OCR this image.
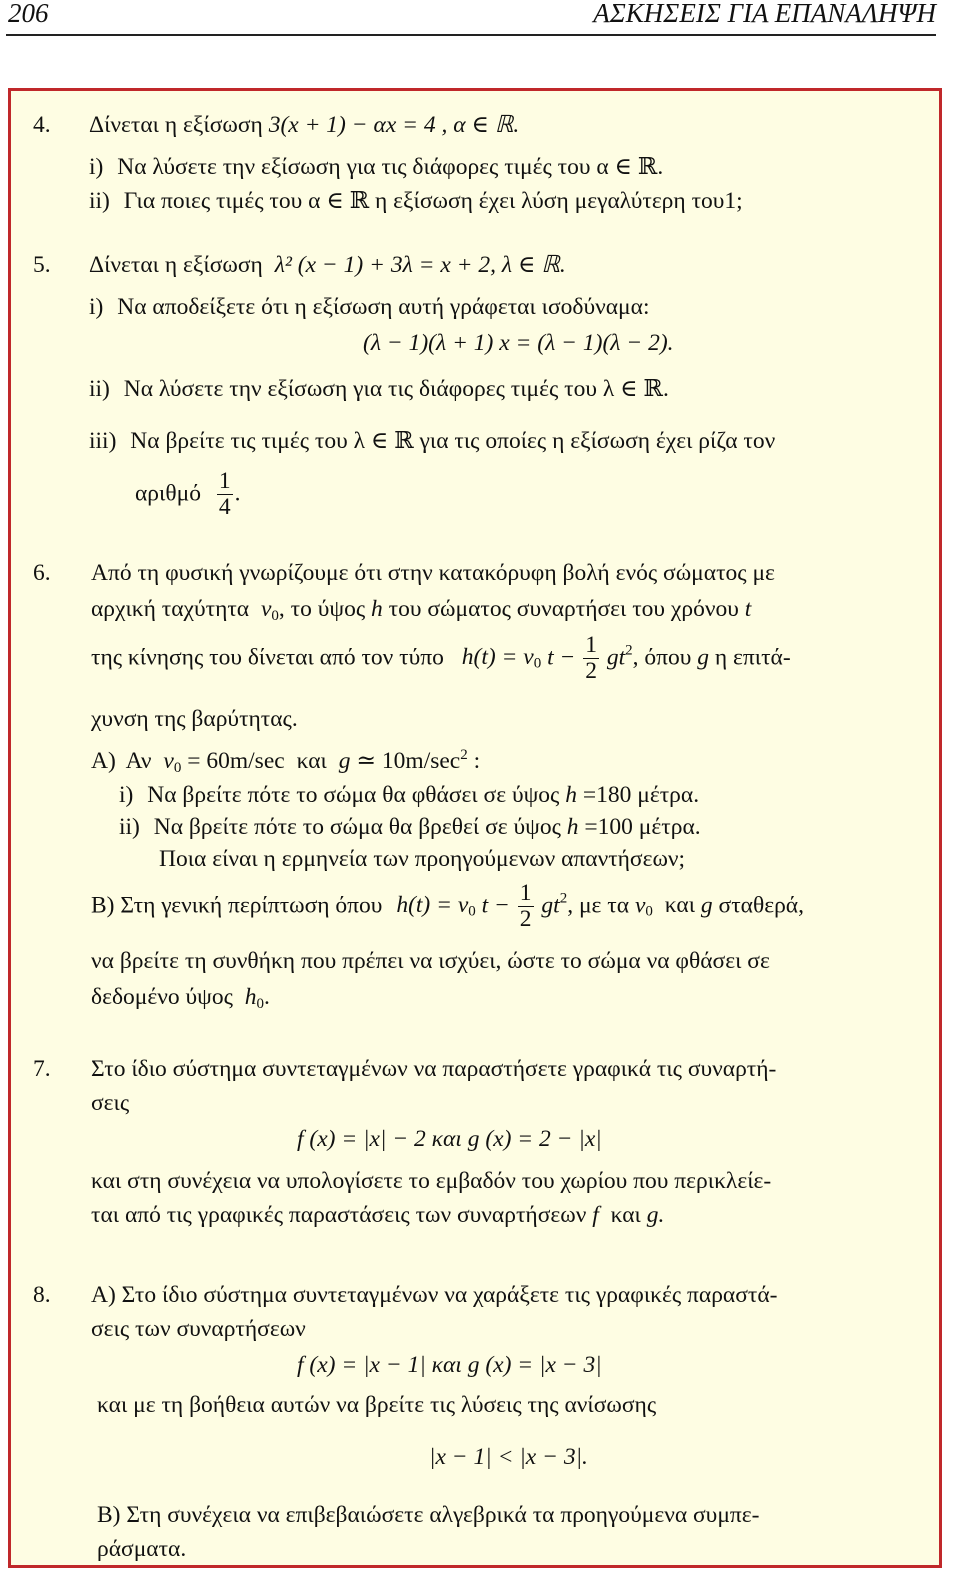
206	ΑΣΚΗΣΕΙΣ ΓΙΑ ΕΠΑΝΑΛΗΨΗ
4. Δίνεται η εξίσωση 3(x + 1) − αx = 4 , α ∈ ℝ.
i) Να λύσετε την εξίσωση για τις διάφορες τιμές του α ∈ ℝ.
ii) Για ποιες τιμές του α ∈ ℝ η εξίσωση έχει λύση μεγαλύτερη του1;
5. Δίνεται η εξίσωση λ² (x − 1) + 3λ = x + 2, λ ∈ ℝ.
i) Να αποδείξετε ότι η εξίσωση αυτή γράφεται ισοδύναμα:
(λ − 1)(λ + 1) x = (λ − 1)(λ − 2).
ii) Να λύσετε την εξίσωση για τις διάφορες τιμές του λ ∈ ℝ.
iii) Να βρείτε τις τιμές του λ ∈ ℝ για τις οποίες η εξίσωση έχει ρίζα τον
αριθμό $\frac{1}{4}$ .
6. Από τη φυσική γνωρίζουμε ότι στην κατακόρυφη βολή ενός σώματος με
αρχική ταχύτητα $v_0$, το ύψος h του σώματος συναρτήσει του χρόνου t
της κίνησης του δίνεται από τον τύπο $h(t) = v_0$ $t - \frac{1}{2} gt^2$, όπου g η επιτά-
χυνση της βαρύτητας.
Α) Αν $v_0 = 60m/\sec$ και g ≃ $10m/\sec^2$ :
i) Να βρείτε πότε το σώμα θα φθάσει σε ύψος h =180 μέτρα.
ii) Να βρείτε πότε το σώμα θα βρεθεί σε ύψος h =100 μέτρα.
Ποια είναι η ερμηνεία των προηγούμενων απαντήσεων;
Β) Στη γενική περίπτωση όπου $h(t) = v_0$ $t - \frac{1}{2} gt^2$, με τα $v_0$ και g σταθερά,
να βρείτε τη συνθήκη που πρέπει να ισχύει, ώστε το σώμα να φθάσει σε
δεδομένο ύψος $h_0$.
7. Στο ίδιο σύστημα συντεταγμένων να παραστήσετε γραφικά τις συναρτή-
σεις
f (x) = |x| − 2 και g (x) = 2 − |x|
και στη συνέχεια να υπολογίσετε το εμβαδόν του χωρίου που περικλείε-
ται από τις γραφικές παραστάσεις των συναρτήσεων f και g.
8. Α) Στο ίδιο σύστημα συντεταγμένων να χαράξετε τις γραφικές παραστά-
σεις των συναρτήσεων
f (x) = |x − 1| και g (x) = |x − 3|
και με τη βοήθεια αυτών να βρείτε τις λύσεις της ανίσωσης
|x − 1| < |x − 3|.
Β) Στη συνέχεια να επιβεβαιώσετε αλγεβρικά τα προηγούμενα συμπε-
ράσματα.
